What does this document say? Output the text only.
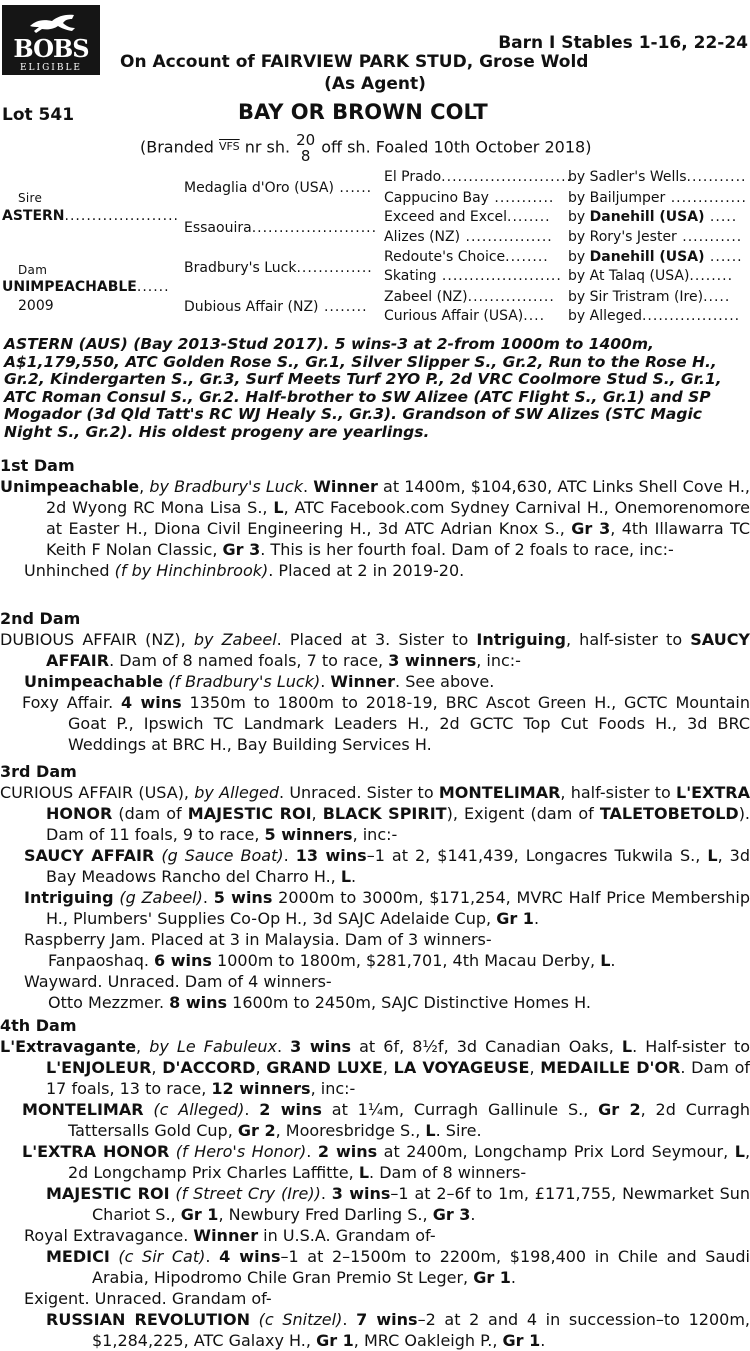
BOBS
ELIGIBLE
Barn I Stables 1-16, 22-24
On Account of FAIRVIEW PARK STUD, Grose Wold
(As Agent)
Lot 541	BAY OR BROWN COLT
(Branded $\overline{VFS}$ nr sh. 20
8 off sh. Foaled 10th October 2018)
Sire
ASTERN.....................
Dam
UNIMPEACHABLE......
2009
Medaglia d'Oro (USA) ......
Essaouira.......................
Bradbury's Luck..............
Dubious Affair (NZ) ........
El Prado........................
Cappucino Bay ...........
Exceed and Excel........
Alizes (NZ) ................
Redoute's Choice........
Skating ......................
Zabeel (NZ)................
Curious Affair (USA)....
by Sadler's Wells...........
by Bailjumper ..............
by Danehill (USA) .....
by Rory's Jester ...........
by Danehill (USA) ......
by At Talaq (USA)........
by Sir Tristram (Ire).....
by Alleged..................
ASTERN (AUS) (Bay 2013-Stud 2017). 5 wins-3 at 2-from 1000m to 1400m, A$1,179,550, ATC Golden Rose S., Gr.1, Silver Slipper S., Gr.2, Run to the Rose H., Gr.2, Kindergarten S., Gr.3, Surf Meets Turf 2YO P., 2d VRC Coolmore Stud S., Gr.1, ATC Roman Consul S., Gr.2. Half-brother to SW Alizee (ATC Flight S., Gr.1) and SP Mogador (3d Qld Tatt's RC WJ Healy S., Gr.3). Grandson of SW Alizes (STC Magic Night S., Gr.2). His oldest progeny are yearlings.
1st Dam

Unimpeachable, by Bradbury's Luck. Winner at 1400m, $104,630, ATC Links Shell Cove H., 2d Wyong RC Mona Lisa S., L, ATC Facebook.com Sydney Carnival H., Onemorenomore at Easter H., Diona Civil Engineering H., 3d ATC Adrian Knox S., Gr 3, 4th Illawarra TC Keith F Nolan Classic, Gr 3. This is her fourth foal. Dam of 2 foals to race, inc:-

Unhinched (f by Hinchinbrook). Placed at 2 in 2019-20.

2nd Dam

DUBIOUS AFFAIR (NZ), by Zabeel. Placed at 3. Sister to Intriguing, half-sister to SAUCY AFFAIR. Dam of 8 named foals, 7 to race, 3 winners, inc:-

Unimpeachable (f Bradbury's Luck). Winner. See above.

Foxy Affair. 4 wins 1350m to 1800m to 2018-19, BRC Ascot Green H., GCTC Mountain Goat P., Ipswich TC Landmark Leaders H., 2d GCTC Top Cut Foods H., 3d BRC Weddings at BRC H., Bay Building Services H.

3rd Dam

CURIOUS AFFAIR (USA), by Alleged. Unraced. Sister to MONTELIMAR, half-sister to L'EXTRA HONOR (dam of MAJESTIC ROI, BLACK SPIRIT), Exigent (dam of TALETOBETOLD). Dam of 11 foals, 9 to race, 5 winners, inc:-

SAUCY AFFAIR (g Sauce Boat). 13 wins–1 at 2, $141,439, Longacres Tukwila S., L, 3d Bay Meadows Rancho del Charro H., L.

Intriguing (g Zabeel). 5 wins 2000m to 3000m, $171,254, MVRC Half Price Membership H., Plumbers' Supplies Co-Op H., 3d SAJC Adelaide Cup, Gr 1.

Raspberry Jam. Placed at 3 in Malaysia. Dam of 3 winners-

Fanpaoshaq. 6 wins 1000m to 1800m, $281,701, 4th Macau Derby, L.

Wayward. Unraced. Dam of 4 winners-

Otto Mezzmer. 8 wins 1600m to 2450m, SAJC Distinctive Homes H.

4th Dam

L'Extravagante, by Le Fabuleux. 3 wins at 6f, 8½f, 3d Canadian Oaks, L. Half-sister to L'ENJOLEUR, D'ACCORD, GRAND LUXE, LA VOYAGEUSE, MEDAILLE D'OR. Dam of 17 foals, 13 to race, 12 winners, inc:-

MONTELIMAR (c Alleged). 2 wins at 1¼m, Curragh Gallinule S., Gr 2, 2d Curragh Tattersalls Gold Cup, Gr 2, Mooresbridge S., L. Sire.

L'EXTRA HONOR (f Hero's Honor). 2 wins at 2400m, Longchamp Prix Lord Seymour, L, 2d Longchamp Prix Charles Laffitte, L. Dam of 8 winners-

MAJESTIC ROI (f Street Cry (Ire)). 3 wins–1 at 2–6f to 1m, £171,755, Newmarket Sun Chariot S., Gr 1, Newbury Fred Darling S., Gr 3.

Royal Extravagance. Winner in U.S.A. Grandam of-

MEDICI (c Sir Cat). 4 wins–1 at 2–1500m to 2200m, $198,400 in Chile and Saudi Arabia, Hipodromo Chile Gran Premio St Leger, Gr 1.

Exigent. Unraced. Grandam of-

RUSSIAN REVOLUTION (c Snitzel). 7 wins–2 at 2 and 4 in succession–to 1200m, $1,284,225, ATC Galaxy H., Gr 1, MRC Oakleigh P., Gr 1.
